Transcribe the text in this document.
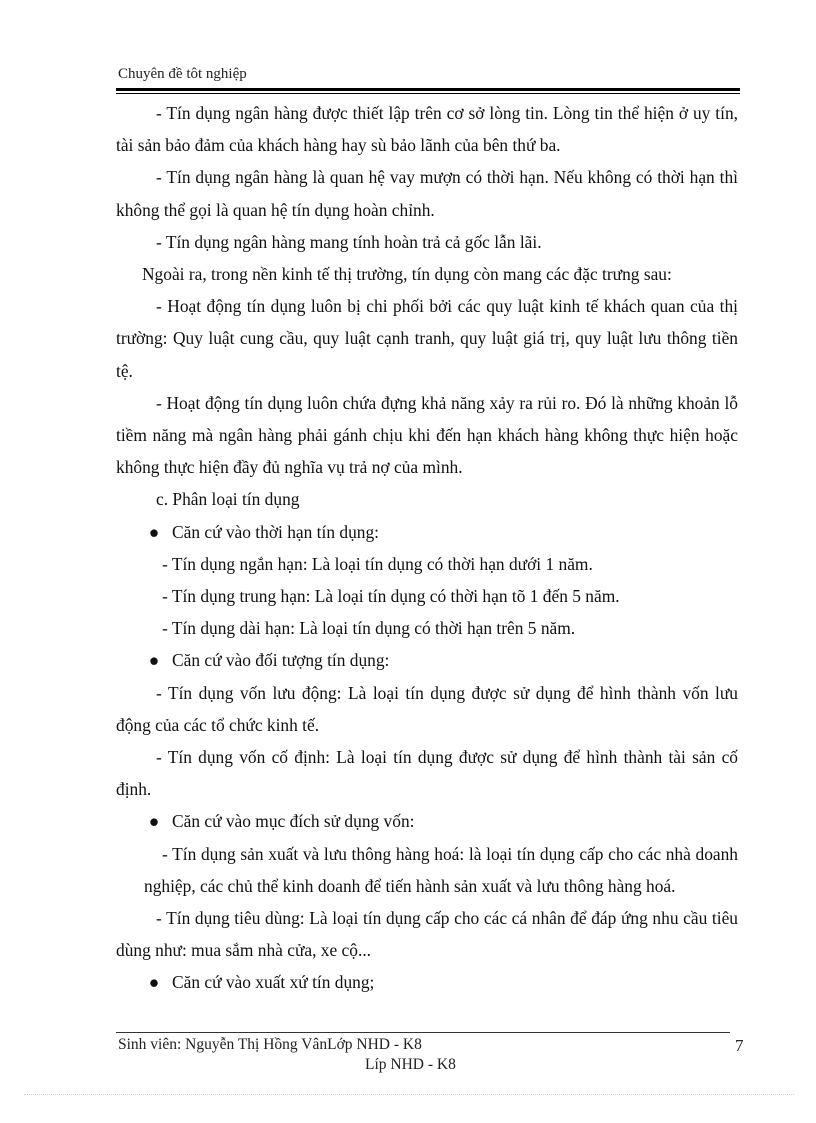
Chuyên đề tôt nghiệp

- Tín dụng ngân hàng được thiết lập trên cơ sở lòng tin. Lòng tin thể hiện ở uy tín, tài sản bảo đảm của khách hàng hay sù bảo lãnh của bên thứ ba.

- Tín dụng ngân hàng là quan hệ vay mượn có thời hạn. Nếu không có thời hạn thì không thể gọi là quan hệ tín dụng hoàn chỉnh.

- Tín dụng ngân hàng mang tính hoàn trả cả gốc lẫn lãi.

Ngoài ra, trong nền kinh tế thị trường, tín dụng còn mang các đặc trưng sau:

- Hoạt động tín dụng luôn bị chi phối bởi các quy luật kinh tế khách quan của thị trường: Quy luật cung cầu, quy luật cạnh tranh, quy luật giá trị, quy luật lưu thông tiền tệ.

- Hoạt động tín dụng luôn chứa đựng khả năng xảy ra rủi ro. Đó là những khoản lỗ tiềm năng mà ngân hàng phải gánh chịu khi đến hạn khách hàng không thực hiện hoặc không thực hiện đầy đủ nghĩa vụ trả nợ của mình.

c. Phân loại tín dụng

● Căn cứ vào thời hạn tín dụng:

- Tín dụng ngắn hạn: Là loại tín dụng có thời hạn dưới 1 năm.

- Tín dụng trung hạn: Là loại tín dụng có thời hạn tõ 1 đến 5 năm.

- Tín dụng dài hạn: Là loại tín dụng có thời hạn trên 5 năm.

● Căn cứ vào đối tượng tín dụng:

- Tín dụng vốn lưu động: Là loại tín dụng được sử dụng để hình thành vốn lưu động của các tổ chức kinh tế.

- Tín dụng vốn cố định: Là loại tín dụng được sử dụng để hình thành tài sản cố định.

● Căn cứ vào mục đích sử dụng vốn:

- Tín dụng sản xuất và lưu thông hàng hoá: là loại tín dụng cấp cho các nhà doanh nghiệp, các chủ thể kinh doanh để tiến hành sản xuất và lưu thông hàng hoá.

- Tín dụng tiêu dùng: Là loại tín dụng cấp cho các cá nhân để đáp ứng nhu cầu tiêu dùng như: mua sắm nhà cửa, xe cộ...

● Căn cứ vào xuất xứ tín dụng;

Sinh viên: Nguyễn Thị Hồng VânLớp NHD - K8
Líp NHD - K8
7
